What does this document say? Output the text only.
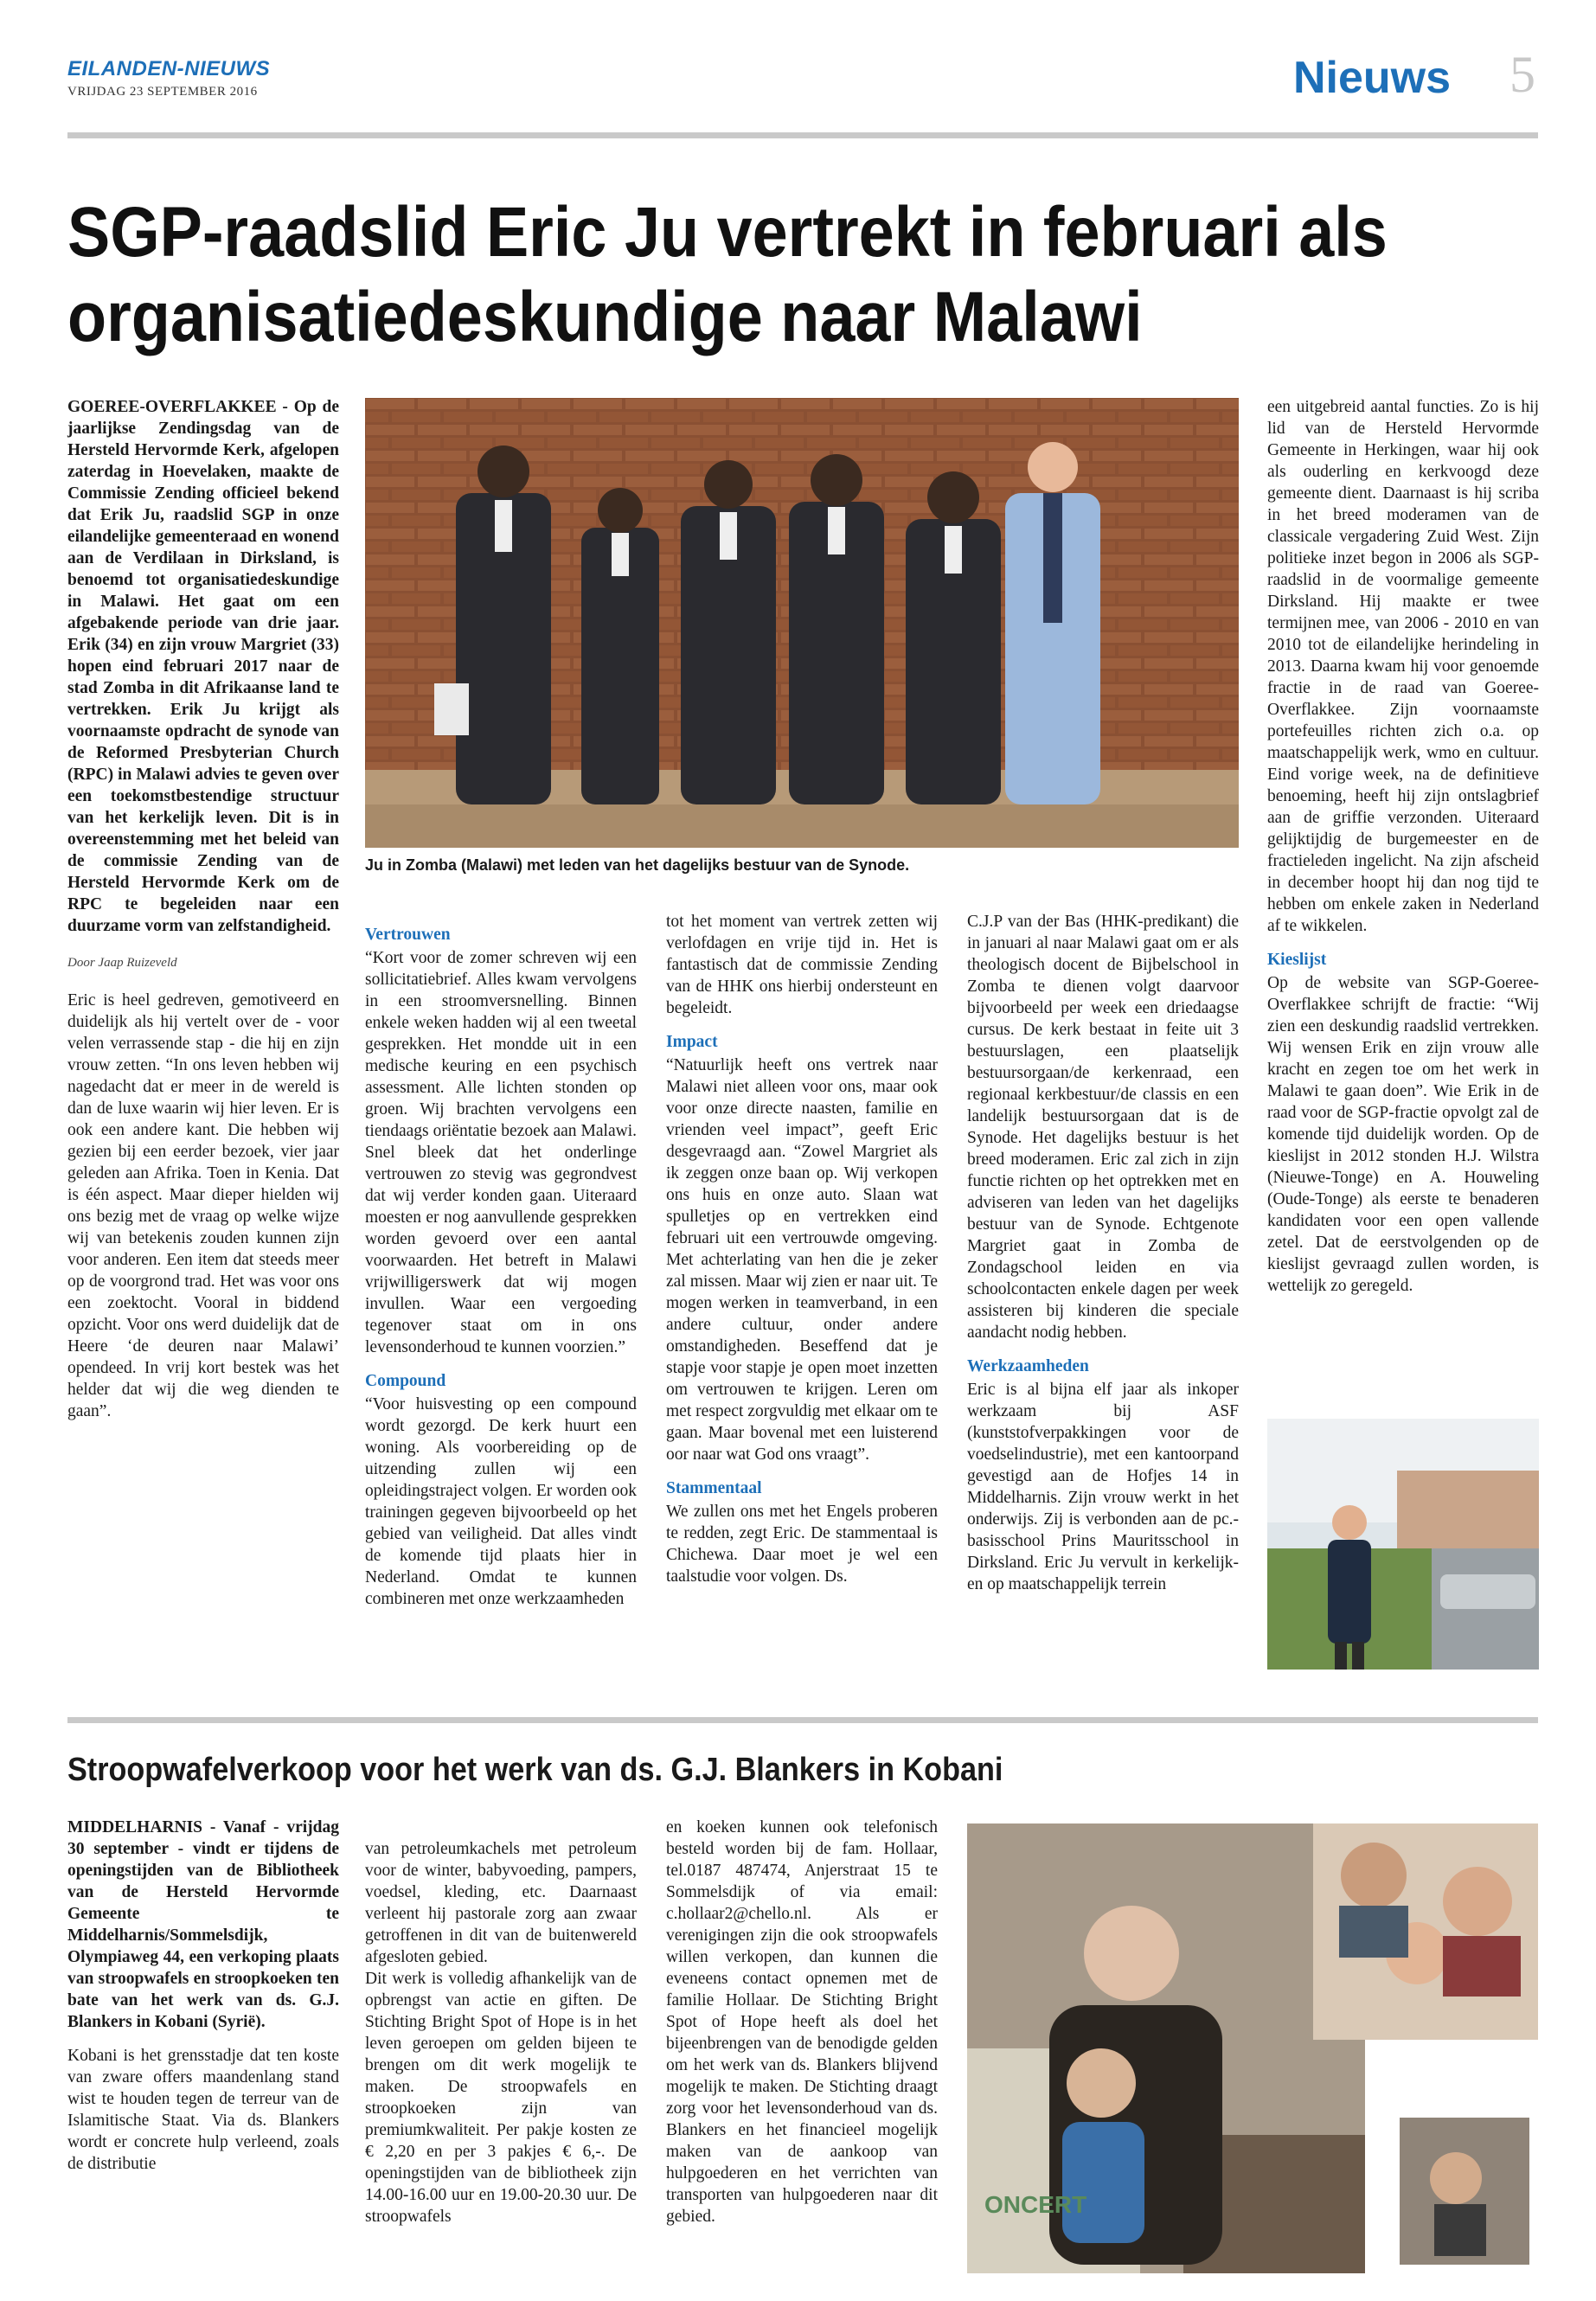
EILANDEN-NIEUWS
VRIJDAG 23 SEPTEMBER 2016	Nieuws 5
SGP-raadslid Eric Ju vertrekt in februari als organisatiedeskundige naar Malawi

GOEREE-OVERFLAKKEE - Op de jaarlijkse Zendingsdag van de Hersteld Hervormde Kerk, afgelopen zaterdag in Hoevelaken, maakte de Commissie Zending officieel bekend dat Erik Ju, raadslid SGP in onze eilandelijke gemeenteraad en wonend aan de Verdilaan in Dirksland, is benoemd tot organisatiedeskundige in Malawi. Het gaat om een afgebakende periode van drie jaar. Erik (34) en zijn vrouw Margriet (33) hopen eind februari 2017 naar de stad Zomba in dit Afrikaanse land te vertrekken. Erik Ju krijgt als voornaamste opdracht de synode van de Reformed Presbyterian Church (RPC) in Malawi advies te geven over een toekomstbestendige structuur van het kerkelijk leven. Dit is in overeenstemming met het beleid van de commissie Zending van de Hersteld Hervormde Kerk om de RPC te begeleiden naar een duurzame vorm van zelfstandigheid.

Door Jaap Ruizeveld

Eric is heel gedreven, gemotiveerd en duidelijk als hij vertelt over de - voor velen verrassende stap - die hij en zijn vrouw zetten. “In ons leven hebben wij nagedacht dat er meer in de wereld is dan de luxe waarin wij hier leven. Er is ook een andere kant. Die hebben wij gezien bij een eerder bezoek, vier jaar geleden aan Afrika. Toen in Kenia. Dat is één aspect. Maar dieper hielden wij ons bezig met de vraag op welke wijze wij van betekenis zouden kunnen zijn voor anderen. Een item dat steeds meer op de voorgrond trad. Het was voor ons een zoektocht. Vooral in biddend opzicht. Voor ons werd duidelijk dat de Heere ‘de deuren naar Malawi’ opendeed. In vrij kort bestek was het helder dat wij die weg dienden te gaan”.

Ju in Zomba (Malawi) met leden van het dagelijks bestuur van de Synode.
Vertrouwen

“Kort voor de zomer schreven wij een sollicitatiebrief. Alles kwam vervolgens in een stroomversnelling. Binnen enkele weken hadden wij al een tweetal gesprekken. Het mondde uit in een medische keuring en een psychisch assessment. Alle lichten stonden op groen. Wij brachten vervolgens een tiendaags oriëntatie bezoek aan Malawi. Snel bleek dat het onderlinge vertrouwen zo stevig was gegrondvest dat wij verder konden gaan. Uiteraard moesten er nog aanvullende gesprekken worden gevoerd over een aantal voorwaarden. Het betreft in Malawi vrijwilligerswerk dat wij mogen invullen. Waar een vergoeding tegenover staat om in ons levensonderhoud te kunnen voorzien.”

Compound

“Voor huisvesting op een compound wordt gezorgd. De kerk huurt een woning. Als voorbereiding op de uitzending zullen wij een opleidingstraject volgen. Er worden ook trainingen gegeven bijvoorbeeld op het gebied van veiligheid. Dat alles vindt de komende tijd plaats hier in Nederland. Omdat te kunnen combineren met onze werkzaamheden

tot het moment van vertrek zetten wij verlofdagen en vrije tijd in. Het is fantastisch dat de commissie Zending van de HHK ons hierbij ondersteunt en begeleidt.

Impact

“Natuurlijk heeft ons vertrek naar Malawi niet alleen voor ons, maar ook voor onze directe naasten, familie en vrienden veel impact”, geeft Eric desgevraagd aan. “Zowel Margriet als ik zeggen onze baan op. Wij verkopen ons huis en onze auto. Slaan wat spulletjes op en vertrekken eind februari uit een vertrouwde omgeving. Met achterlating van hen die je zeker zal missen. Maar wij zien er naar uit. Te mogen werken in teamverband, in een andere cultuur, onder andere omstandigheden. Beseffend dat je stapje voor stapje je open moet inzetten om vertrouwen te krijgen. Leren om met respect zorgvuldig met elkaar om te gaan. Maar bovenal met een luisterend oor naar wat God ons vraagt”.

Stammentaal

We zullen ons met het Engels proberen te redden, zegt Eric. De stammentaal is Chichewa. Daar moet je wel een taalstudie voor volgen. Ds.

C.J.P van der Bas (HHK-predikant) die in januari al naar Malawi gaat om er als theologisch docent de Bijbelschool in Zomba te dienen volgt daarvoor bijvoorbeeld per week een driedaagse cursus. De kerk bestaat in feite uit 3 bestuurslagen, een plaatselijk bestuursorgaan/de kerkenraad, een regionaal kerkbestuur/de classis en een landelijk bestuursorgaan dat is de Synode. Het dagelijks bestuur is het breed moderamen. Eric zal zich in zijn functie richten op het optrekken met en adviseren van leden van het dagelijks bestuur van de Synode. Echtgenote Margriet gaat in Zomba de Zondagschool leiden en via schoolcontacten enkele dagen per week assisteren bij kinderen die speciale aandacht nodig hebben.

Werkzaamheden

Eric is al bijna elf jaar als inkoper werkzaam bij ASF (kunststofverpakkingen voor de voedselindustrie), met een kantoorpand gevestigd aan de Hofjes 14 in Middelharnis. Zijn vrouw werkt in het onderwijs. Zij is verbonden aan de pc.-basisschool Prins Mauritsschool in Dirksland. Eric Ju vervult in kerkelijk- en op maatschappelijk terrein

een uitgebreid aantal functies. Zo is hij lid van de Hersteld Hervormde Gemeente in Herkingen, waar hij ook als ouderling en kerkvoogd deze gemeente dient. Daarnaast is hij scriba in het breed moderamen van de classicale vergadering Zuid West. Zijn politieke inzet begon in 2006 als SGP-raadslid in de voormalige gemeente Dirksland. Hij maakte er twee termijnen mee, van 2006 - 2010 en van 2010 tot de eilandelijke herindeling in 2013. Daarna kwam hij voor genoemde fractie in de raad van Goeree-Overflakkee. Zijn voornaamste portefeuilles richten zich o.a. op maatschappelijk werk, wmo en cultuur. Eind vorige week, na de definitieve benoeming, heeft hij zijn ontslagbrief aan de griffie verzonden. Uiteraard gelijktijdig de burgemeester en de fractieleden ingelicht. Na zijn afscheid in december hoopt hij dan nog tijd te hebben om enkele zaken in Nederland af te wikkelen.

Kieslijst

Op de website van SGP-Goeree-Overflakkee schrijft de fractie: “Wij zien een deskundig raadslid vertrekken. Wij wensen Erik en zijn vrouw alle kracht en zegen toe om het werk in Malawi te gaan doen”. Wie Erik in de raad voor de SGP-fractie opvolgt zal de komende tijd duidelijk worden. Op de kieslijst in 2012 stonden H.J. Wilstra (Nieuwe-Tonge) en A. Houweling (Oude-Tonge) als eerste te benaderen kandidaten voor een open vallende zetel. Dat de eerstvolgenden op de kieslijst gevraagd zullen worden, is wettelijk zo geregeld.

Stroopwafelverkoop voor het werk van ds. G.J. Blankers in Kobani

MIDDELHARNIS - Vanaf - vrijdag 30 september - vindt er tijdens de openingstijden van de Bibliotheek van de Hersteld Hervormde Gemeente te Middelharnis/Sommelsdijk, Olympiaweg 44, een verkoping plaats van stroopwafels en stroopkoeken ten bate van het werk van ds. G.J. Blankers in Kobani (Syrië).

Kobani is het grensstadje dat ten koste van zware offers maandenlang stand wist te houden tegen de terreur van de Islamitische Staat. Via ds. Blankers wordt er concrete hulp verleend, zoals de distributie

van petroleumkachels met petroleum voor de winter, babyvoeding, pampers, voedsel, kleding, etc. Daarnaast verleent hij pastorale zorg aan zwaar getroffenen in dit van de buitenwereld afgesloten gebied.
Dit werk is volledig afhankelijk van de opbrengst van actie en giften. De Stichting Bright Spot of Hope is in het leven geroepen om gelden bijeen te brengen om dit werk mogelijk te maken. De stroopwafels en stroopkoeken zijn van premiumkwaliteit. Per pakje kosten ze € 2,20 en per 3 pakjes € 6,-. De openingstijden van de bibliotheek zijn 14.00-16.00 uur en 19.00-20.30 uur. De stroopwafels

en koeken kunnen ook telefonisch besteld worden bij de fam. Hollaar, tel.0187 487474, Anjerstraat 15 te Sommelsdijk of via email: c.hollaar2@chello.nl. Als er verenigingen zijn die ook stroopwafels willen verkopen, dan kunnen die eveneens contact opnemen met de familie Hollaar. De Stichting Bright Spot of Hope heeft als doel het bijeenbrengen van de benodigde gelden om het werk van ds. Blankers blijvend mogelijk te maken. De Stichting draagt zorg voor het levensonderhoud van ds. Blankers en het financieel mogelijk maken van de aankoop van hulpgoederen en het verrichten van transporten van hulpgoederen naar dit gebied.	ONCERT
